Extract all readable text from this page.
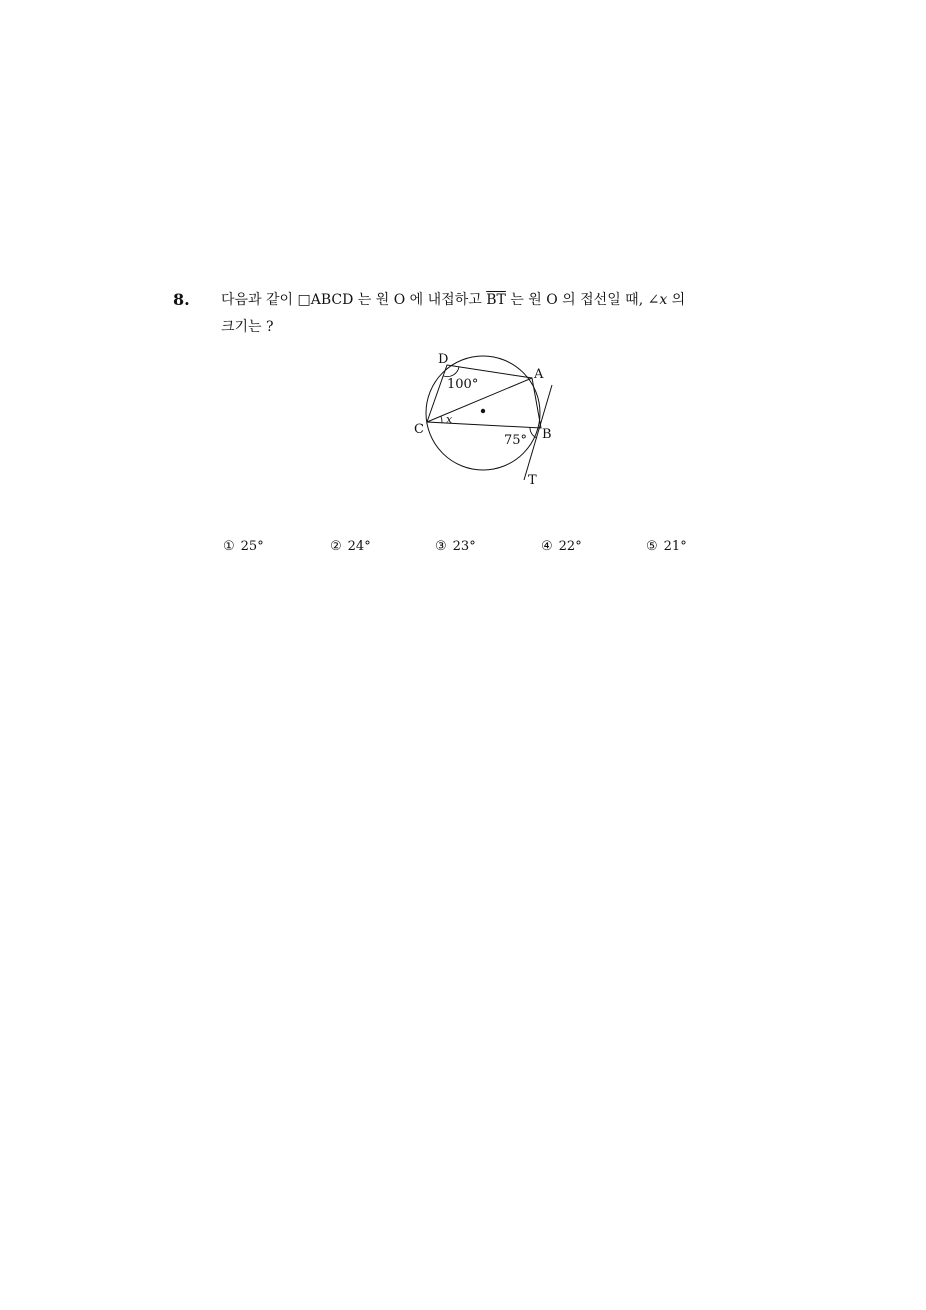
8. 다음과 같이 □ABCD 는 원 O 에 내접하고 $\overline{BT}$ 는 원 O 의 접선일 때, ∠x 의
크기는 ?
D
A
C	B
T
100°
75°
x
① 25°	② 24°	③ 23°	④ 22°	⑤ 21°
